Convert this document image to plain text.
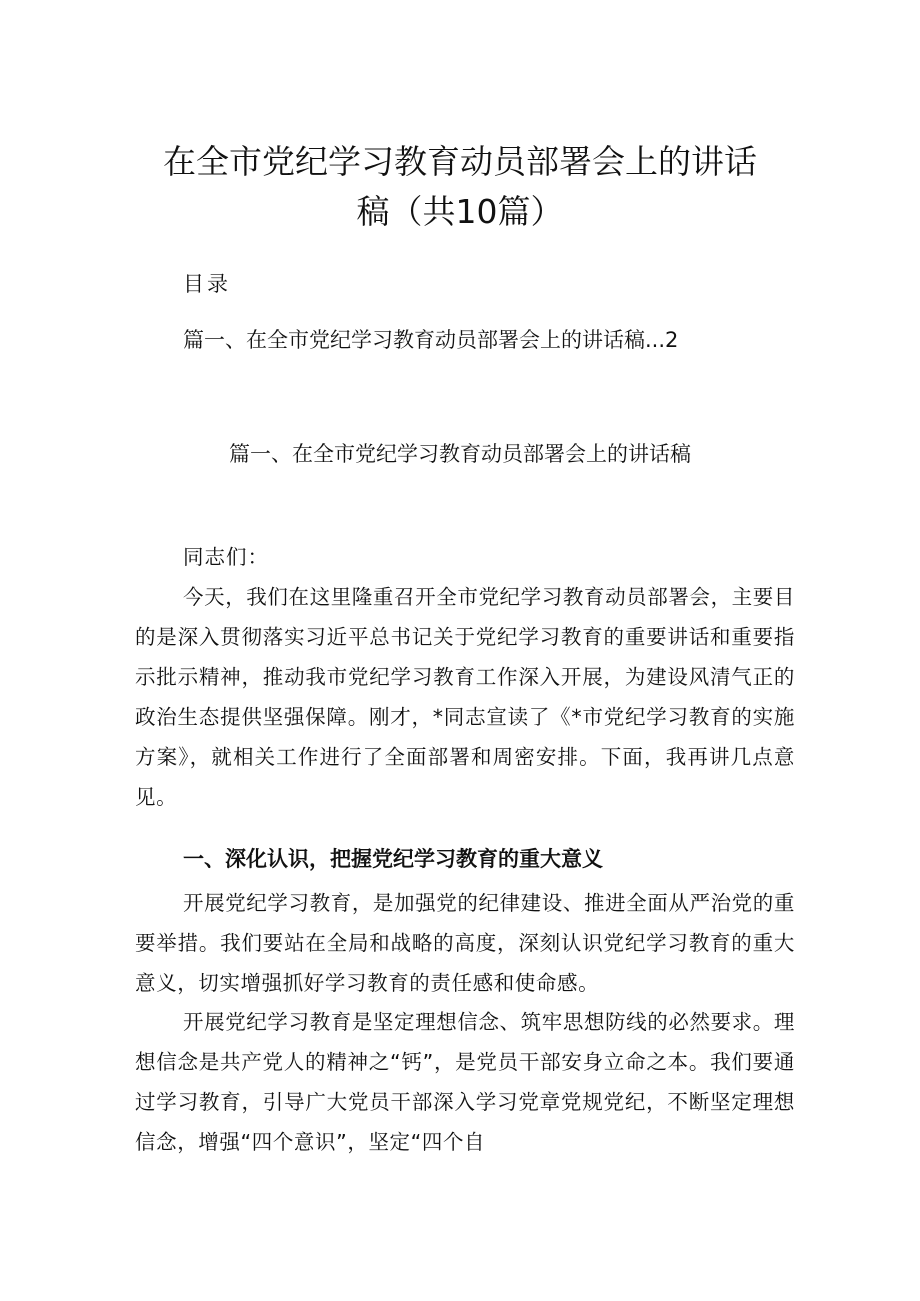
在全市党纪学习教育动员部署会上的讲话
稿（共10篇）
目录
篇一、在全市党纪学习教育动员部署会上的讲话稿...2
篇一、在全市党纪学习教育动员部署会上的讲话稿
同志们：

今天，我们在这里隆重召开全市党纪学习教育动员部署会，主要目的是深入贯彻落实习近平总书记关于党纪学习教育的重要讲话和重要指示批示精神，推动我市党纪学习教育工作深入开展，为建设风清气正的政治生态提供坚强保障。刚才，*同志宣读了《*市党纪学习教育的实施方案》，就相关工作进行了全面部署和周密安排。下面，我再讲几点意见。

一、深化认识，把握党纪学习教育的重大意义

开展党纪学习教育，是加强党的纪律建设、推进全面从严治党的重要举措。我们要站在全局和战略的高度，深刻认识党纪学习教育的重大意义，切实增强抓好学习教育的责任感和使命感。

开展党纪学习教育是坚定理想信念、筑牢思想防线的必然要求。理想信念是共产党人的精神之“钙”，是党员干部安身立命之本。我们要通过学习教育，引导广大党员干部深入学习党章党规党纪，不断坚定理想信念，增强“四个意识”，坚定“四个自
